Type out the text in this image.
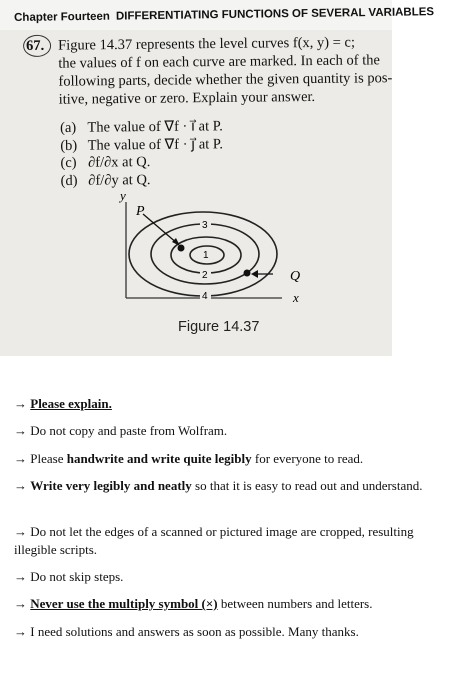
Chapter Fourteen DIFFERENTIATING FUNCTIONS OF SEVERAL VARIABLES
67. Figure 14.37 represents the level curves f(x, y) = c;
the values of f on each curve are marked. In each of the
following parts, decide whether the given quantity is pos-
itive, negative or zero. Explain your answer.
(a) The value of ∇f · i⃗ at P.
(b) The value of ∇f · j⃗ at P.
(c) ∂f/∂x at Q.
(d) ∂f/∂y at Q.
y
x
P
1
2
3
4
Q
Figure 14.37

→ Please explain.

→ Do not copy and paste from Wolfram.

→ Please handwrite and write quite legibly for everyone to read.

→ Write very legibly and neatly so that it is easy to read out and understand.

→ Do not let the edges of a scanned or pictured image are cropped, resulting illegible scripts.

→ Do not skip steps.

→ Never use the multiply symbol (×) between numbers and letters.

→ I need solutions and answers as soon as possible. Many thanks.
